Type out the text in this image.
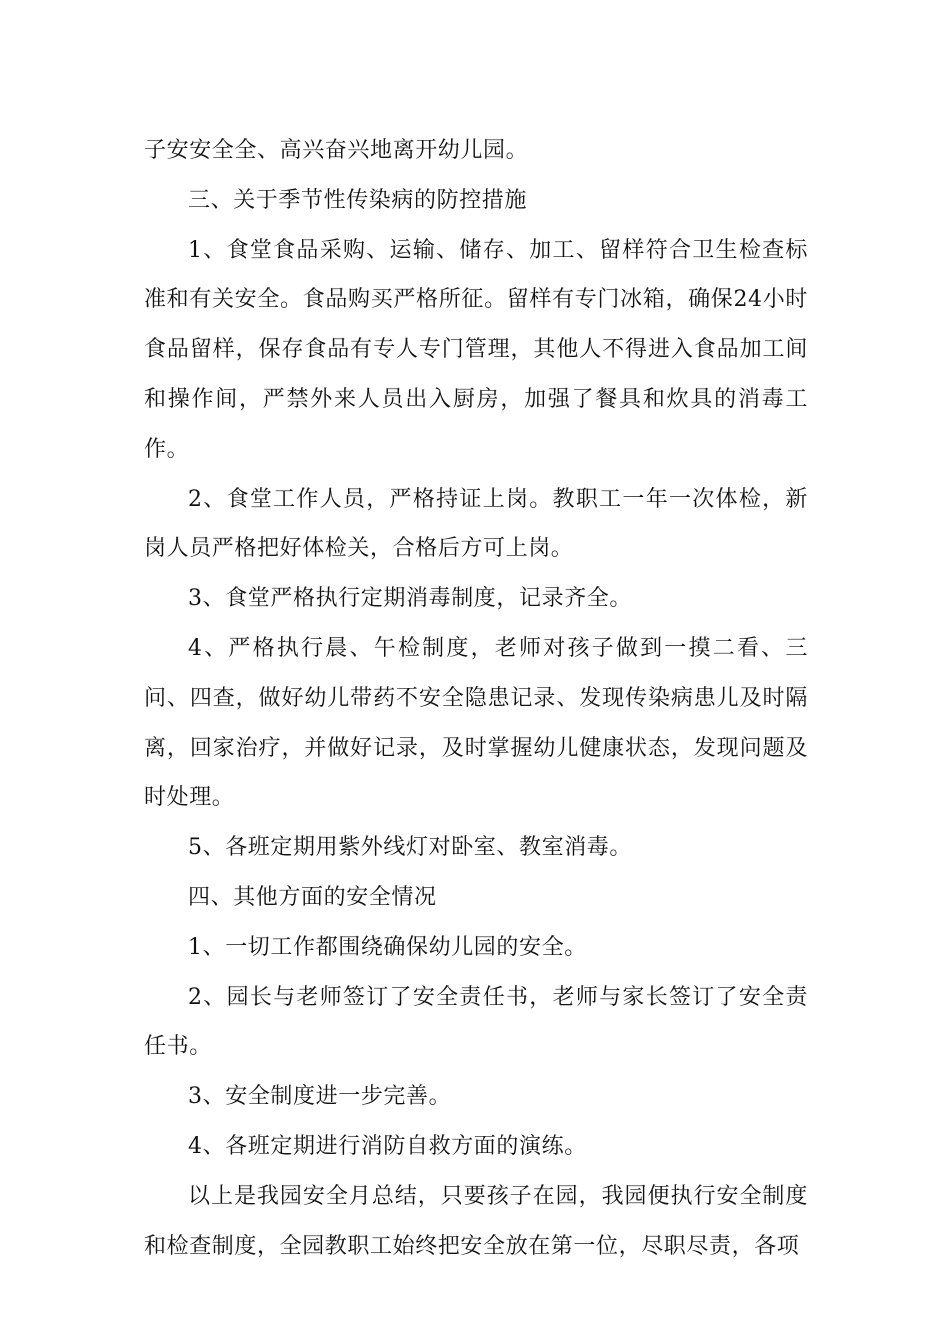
子安安全全、高兴奋兴地离开幼儿园。

三、关于季节性传染病的防控措施

1、食堂食品采购、运输、储存、加工、留样符合卫生检查标准和有关安全。食品购买严格所征。留样有专门冰箱，确保24小时食品留样，保存食品有专人专门管理，其他人不得进入食品加工间和操作间，严禁外来人员出入厨房，加强了餐具和炊具的消毒工作。

2、食堂工作人员，严格持证上岗。教职工一年一次体检，新岗人员严格把好体检关，合格后方可上岗。

3、食堂严格执行定期消毒制度，记录齐全。

4、严格执行晨、午检制度，老师对孩子做到一摸二看、三问、四查，做好幼儿带药不安全隐患记录、发现传染病患儿及时隔离，回家治疗，并做好记录，及时掌握幼儿健康状态，发现问题及时处理。

5、各班定期用紫外线灯对卧室、教室消毒。

四、其他方面的安全情况

1、一切工作都围绕确保幼儿园的安全。

2、园长与老师签订了安全责任书，老师与家长签订了安全责任书。

3、安全制度进一步完善。

4、各班定期进行消防自救方面的演练。

以上是我园安全月总结，只要孩子在园，我园便执行安全制度和检查制度，全园教职工始终把安全放在第一位，尽职尽责，各项
